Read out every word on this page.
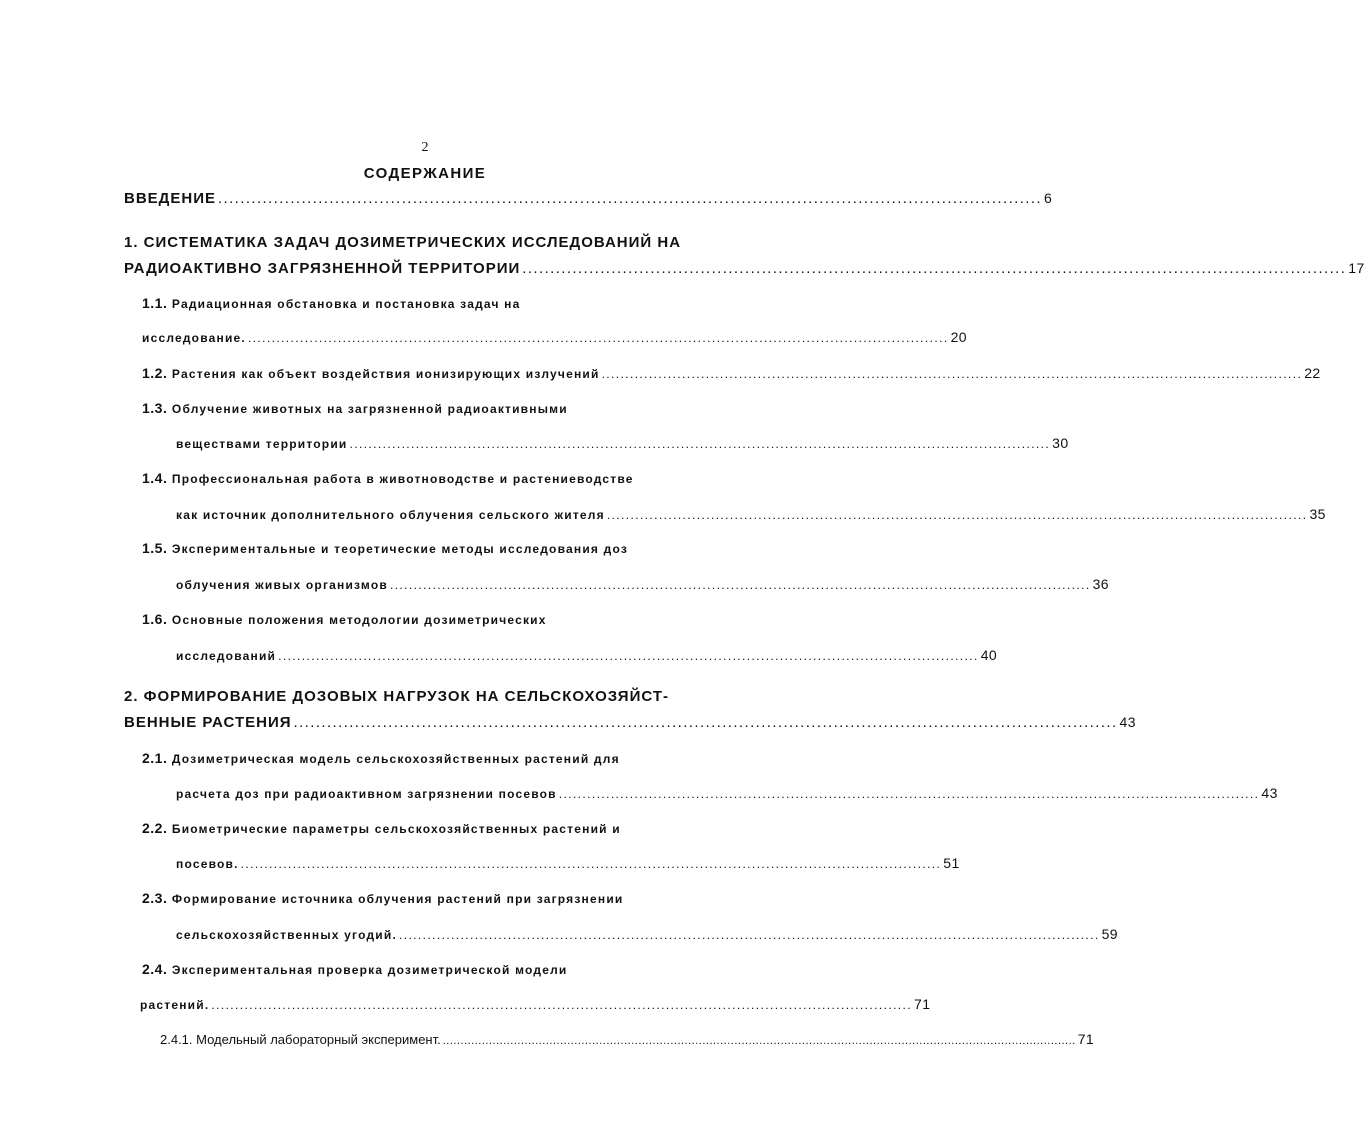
2
СОДЕРЖАНИЕ
ВВЕДЕНИЕ .................................................................................................................................................... 6
1. СИСТЕМАТИКА ЗАДАЧ ДОЗИМЕТРИЧЕСКИХ ИССЛЕДОВАНИЙ НА
РАДИОАКТИВНО ЗАГРЯЗНЕННОЙ ТЕРРИТОРИИ .................................................................................................................................................... 17
1.1. Радиационная обстановка и постановка задач на
исследование. .................................................................................................................................................... 20
1.2. Растения как объект воздействия ионизирующих излучений .................................................................................................................................................... 22
1.3. Облучение животных на загрязненной радиоактивными
веществами территории .................................................................................................................................................... 30
1.4. Профессиональная работа в животноводстве и растениеводстве
как источник дополнительного облучения сельского жителя .................................................................................................................................................... 35
1.5. Экспериментальные и теоретические методы исследования доз
облучения живых организмов .................................................................................................................................................... 36
1.6. Основные положения методологии дозиметрических
исследований .................................................................................................................................................... 40
2. ФОРМИРОВАНИЕ ДОЗОВЫХ НАГРУЗОК НА СЕЛЬСКОХОЗЯЙСТ-
ВЕННЫЕ РАСТЕНИЯ .................................................................................................................................................... 43
2.1. Дозиметрическая модель сельскохозяйственных растений для
расчета доз при радиоактивном загрязнении посевов .................................................................................................................................................... 43
2.2. Биометрические параметры сельскохозяйственных растений и
посевов. .................................................................................................................................................... 51
2.3. Формирование источника облучения растений при загрязнении
сельскохозяйственных угодий. .................................................................................................................................................... 59
2.4. Экспериментальная проверка дозиметрической модели
растений. .................................................................................................................................................... 71
2.4.1. Модельный лабораторный эксперимент. .................................................................................................................................................................................. 71
